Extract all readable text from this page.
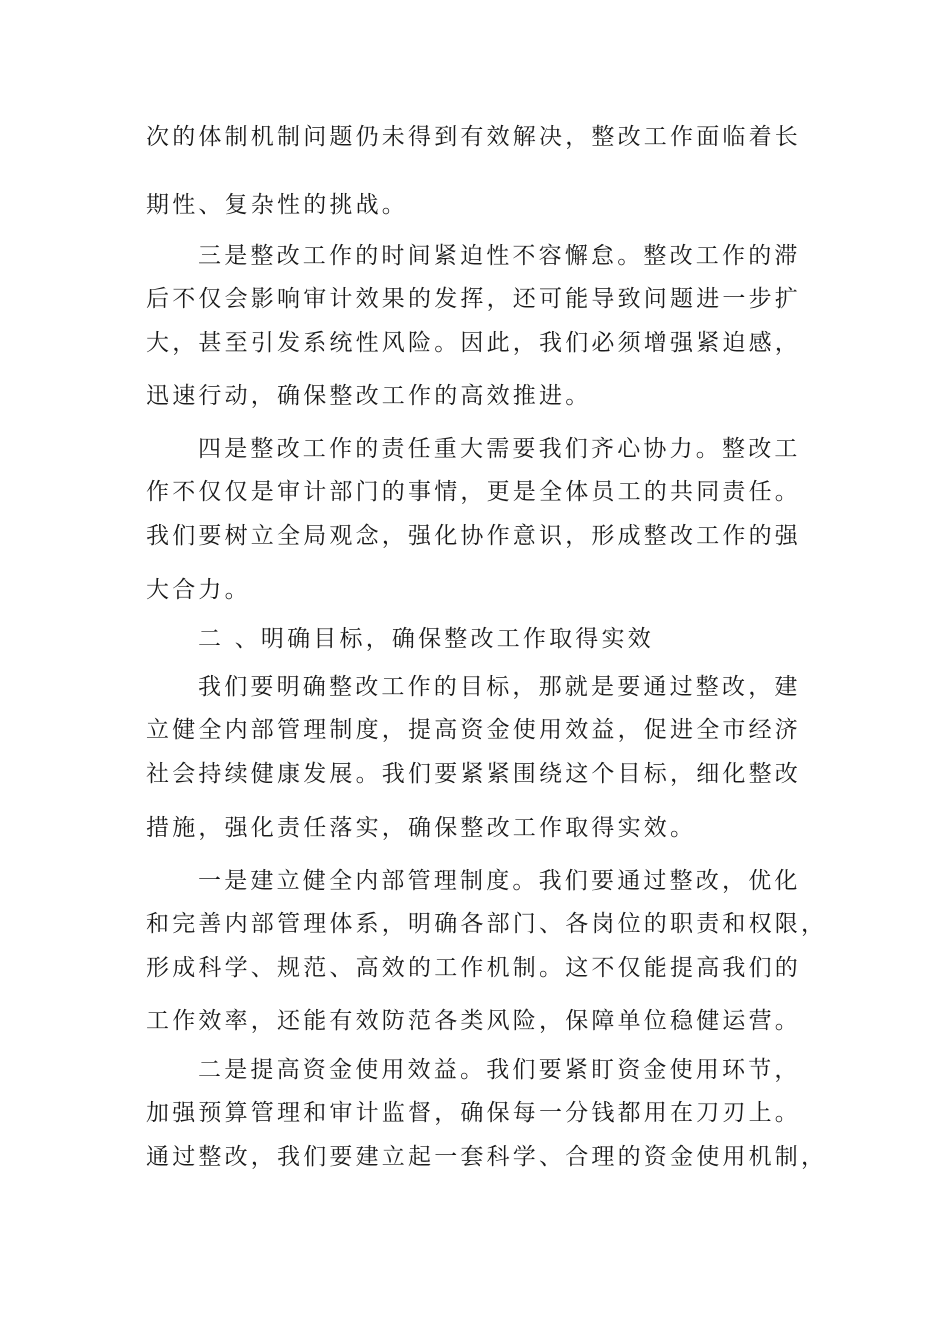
次的体制机制问题仍未得到有效解决，整改工作面临着长
期性、复杂性的挑战。
三是整改工作的时间紧迫性不容懈怠。整改工作的滞
后不仅会影响审计效果的发挥，还可能导致问题进一步扩
大，甚至引发系统性风险。因此，我们必须增强紧迫感，
迅速行动，确保整改工作的高效推进。
四是整改工作的责任重大需要我们齐心协力。整改工
作不仅仅是审计部门的事情，更是全体员工的共同责任。
我们要树立全局观念，强化协作意识，形成整改工作的强
大合力。
二 、明确目标，确保整改工作取得实效
我们要明确整改工作的目标，那就是要通过整改，建
立健全内部管理制度，提高资金使用效益，促进全市经济
社会持续健康发展。我们要紧紧围绕这个目标，细化整改
措施，强化责任落实，确保整改工作取得实效。
一是建立健全内部管理制度。我们要通过整改，优化
和完善内部管理体系，明确各部门、各岗位的职责和权限，
形成科学、规范、高效的工作机制。这不仅能提高我们的
工作效率，还能有效防范各类风险，保障单位稳健运营。
二是提高资金使用效益。我们要紧盯资金使用环节，
加强预算管理和审计监督，确保每一分钱都用在刀刃上。
通过整改，我们要建立起一套科学、合理的资金使用机制，
